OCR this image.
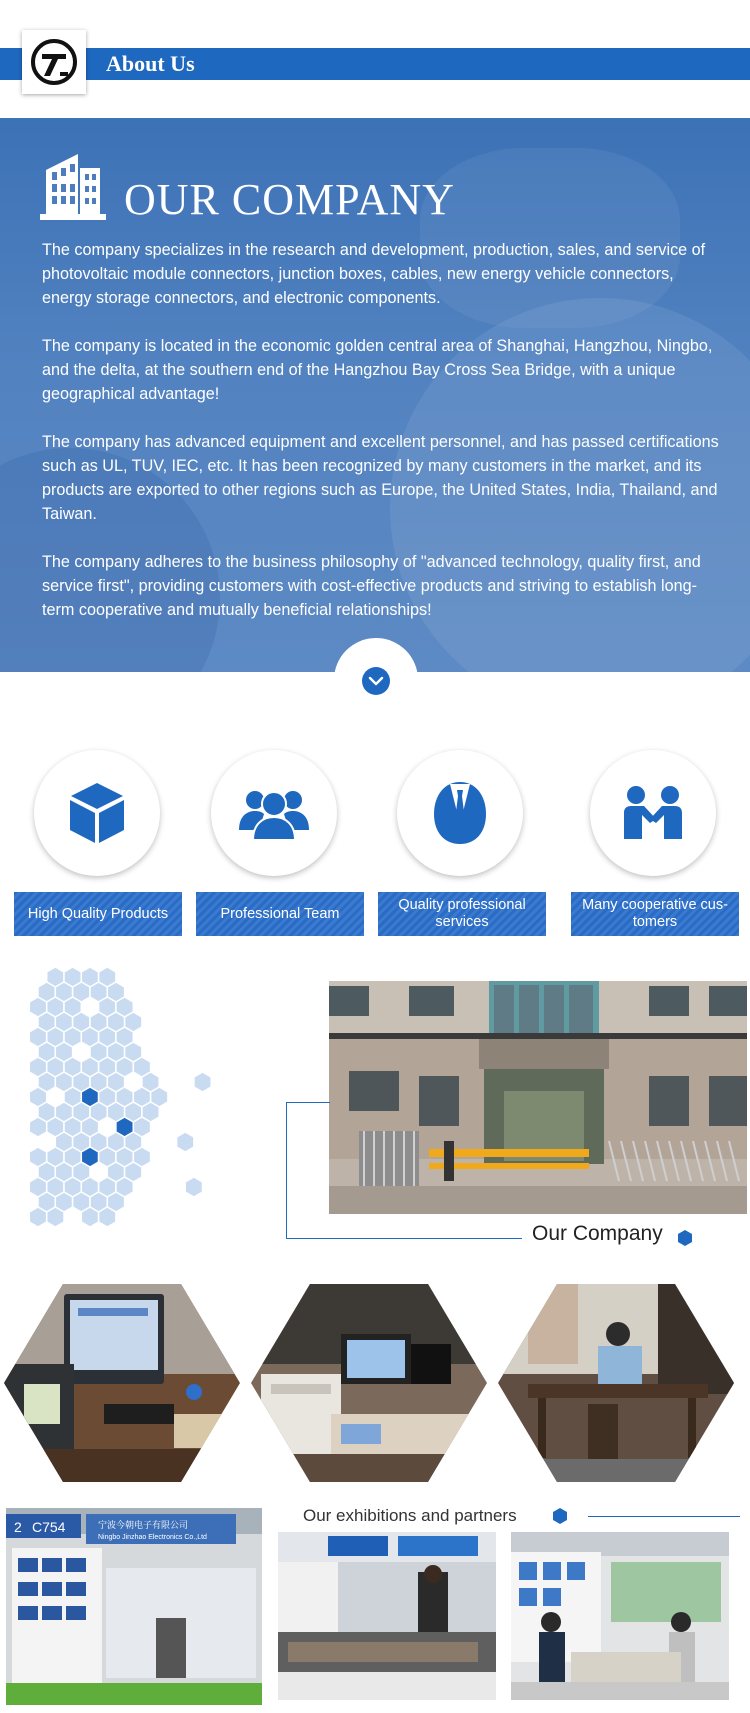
About Us
OUR COMPANY
The company specializes in the research and development, production, sales, and service of photovoltaic module connectors, junction boxes, cables, new energy vehicle connectors, energy storage connectors, and electronic components.
The company is located in the economic golden central area of Shanghai, Hangzhou, Ningbo, and the delta, at the southern end of the Hangzhou Bay Cross Sea Bridge, with a unique geographical advantage!
The company has advanced equipment and excellent personnel, and has passed certifications such as UL, TUV, IEC, etc. It has been recognized by many customers in the market, and its products are exported to other regions such as Europe, the United States, India, Thailand, and Taiwan.
The company adheres to the business philosophy of "advanced technology, quality first, and service first", providing customers with cost-effective products and striving to establish long-term cooperative and mutually beneficial relationships!
High Quality Products	Professional Team
Quality professional services
Many cooperative cus-tomers
Our Company
Our exhibitions and partners
2 C754	宁波今朝电子有限公司
Ningbo Jinzhao Electronics Co.,Ltd
